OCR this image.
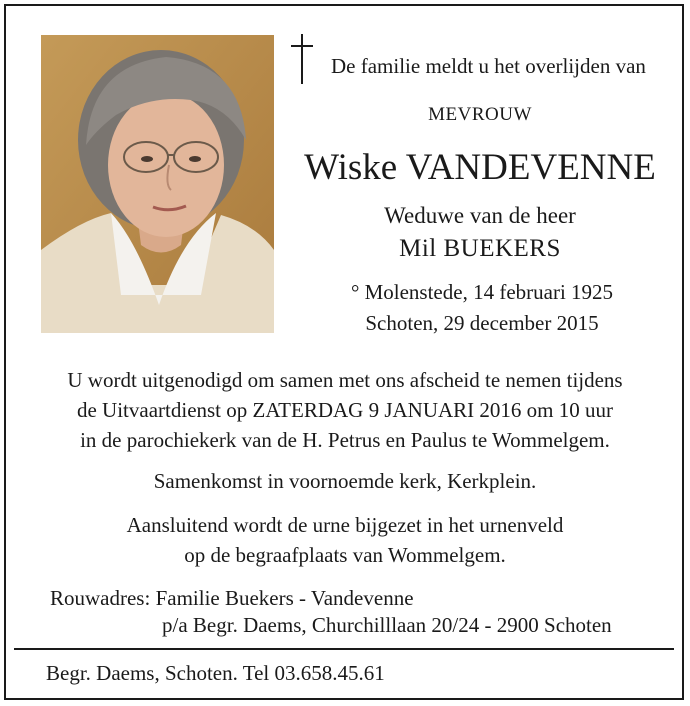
De familie meldt u het overlijden van
MEVROUW
Wiske VANDEVENNE
Weduwe van de heer
Mil BUEKERS
° Molenstede, 14 februari 1925
Schoten, 29 december 2015
U wordt uitgenodigd om samen met ons afscheid te nemen tijdens
de Uitvaartdienst op ZATERDAG 9 JANUARI 2016 om 10 uur
in de parochiekerk van de H. Petrus en Paulus te Wommelgem.
Samenkomst in voornoemde kerk, Kerkplein.
Aansluitend wordt de urne bijgezet in het urnenveld
op de begraafplaats van Wommelgem.
Rouwadres: Familie Buekers - Vandevenne
p/a Begr. Daems, Churchilllaan 20/24 - 2900 Schoten
Begr. Daems, Schoten. Tel 03.658.45.61
